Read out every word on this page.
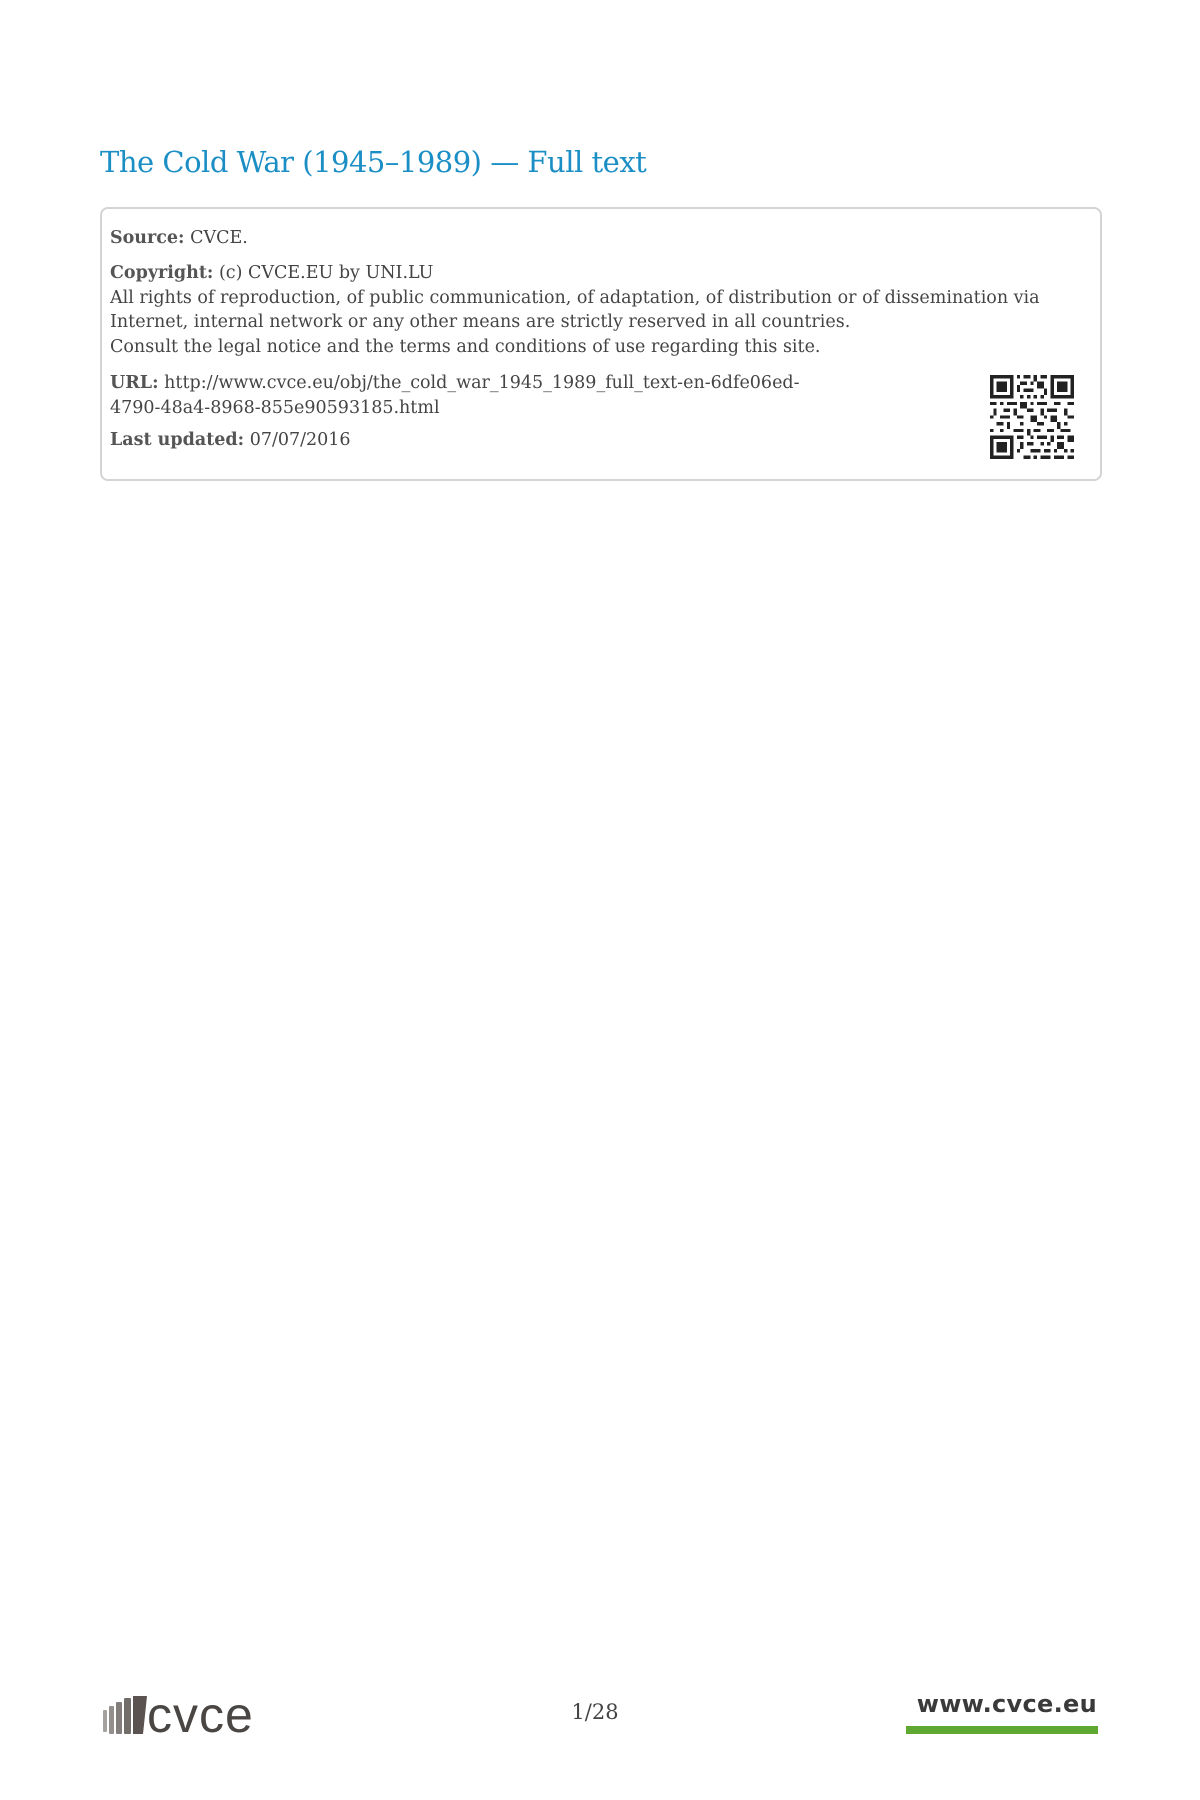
The Cold War (1945–1989) — Full text
Source: CVCE.
Copyright: (c) CVCE.EU by UNI.LU
All rights of reproduction, of public communication, of adaptation, of distribution or of dissemination via
Internet, internal network or any other means are strictly reserved in all countries.
Consult the legal notice and the terms and conditions of use regarding this site.
URL: http://www.cvce.eu/obj/the_cold_war_1945_1989_full_text-en-6dfe06ed-
4790-48a4-8968-855e90593185.html
Last updated: 07/07/2016
cvce	1/28	www.cvce.eu
